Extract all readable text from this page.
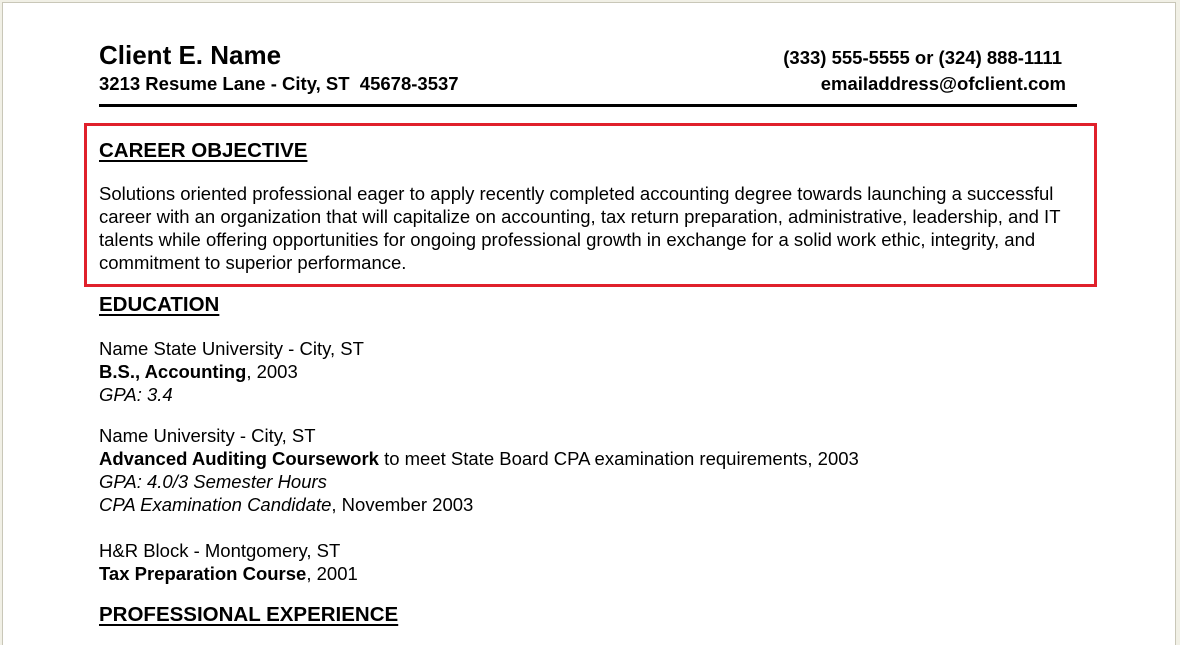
Client E. Name
3213 Resume Lane - City, ST  45678-3537
(333) 555-5555 or (324) 888-1111
emailaddress@ofclient.com
CAREER OBJECTIVE

Solutions oriented professional eager to apply recently completed accounting degree towards launching a successful career with an organization that will capitalize on accounting, tax return preparation, administrative, leadership, and IT talents while offering opportunities for ongoing professional growth in exchange for a solid work ethic, integrity, and commitment to superior performance.

EDUCATION
Name State University - City, ST
B.S., Accounting, 2003
GPA: 3.4
Name University - City, ST
Advanced Auditing Coursework to meet State Board CPA examination requirements, 2003
GPA: 4.0/3 Semester Hours
CPA Examination Candidate, November 2003
H&R Block - Montgomery, ST
Tax Preparation Course, 2001
PROFESSIONAL EXPERIENCE
